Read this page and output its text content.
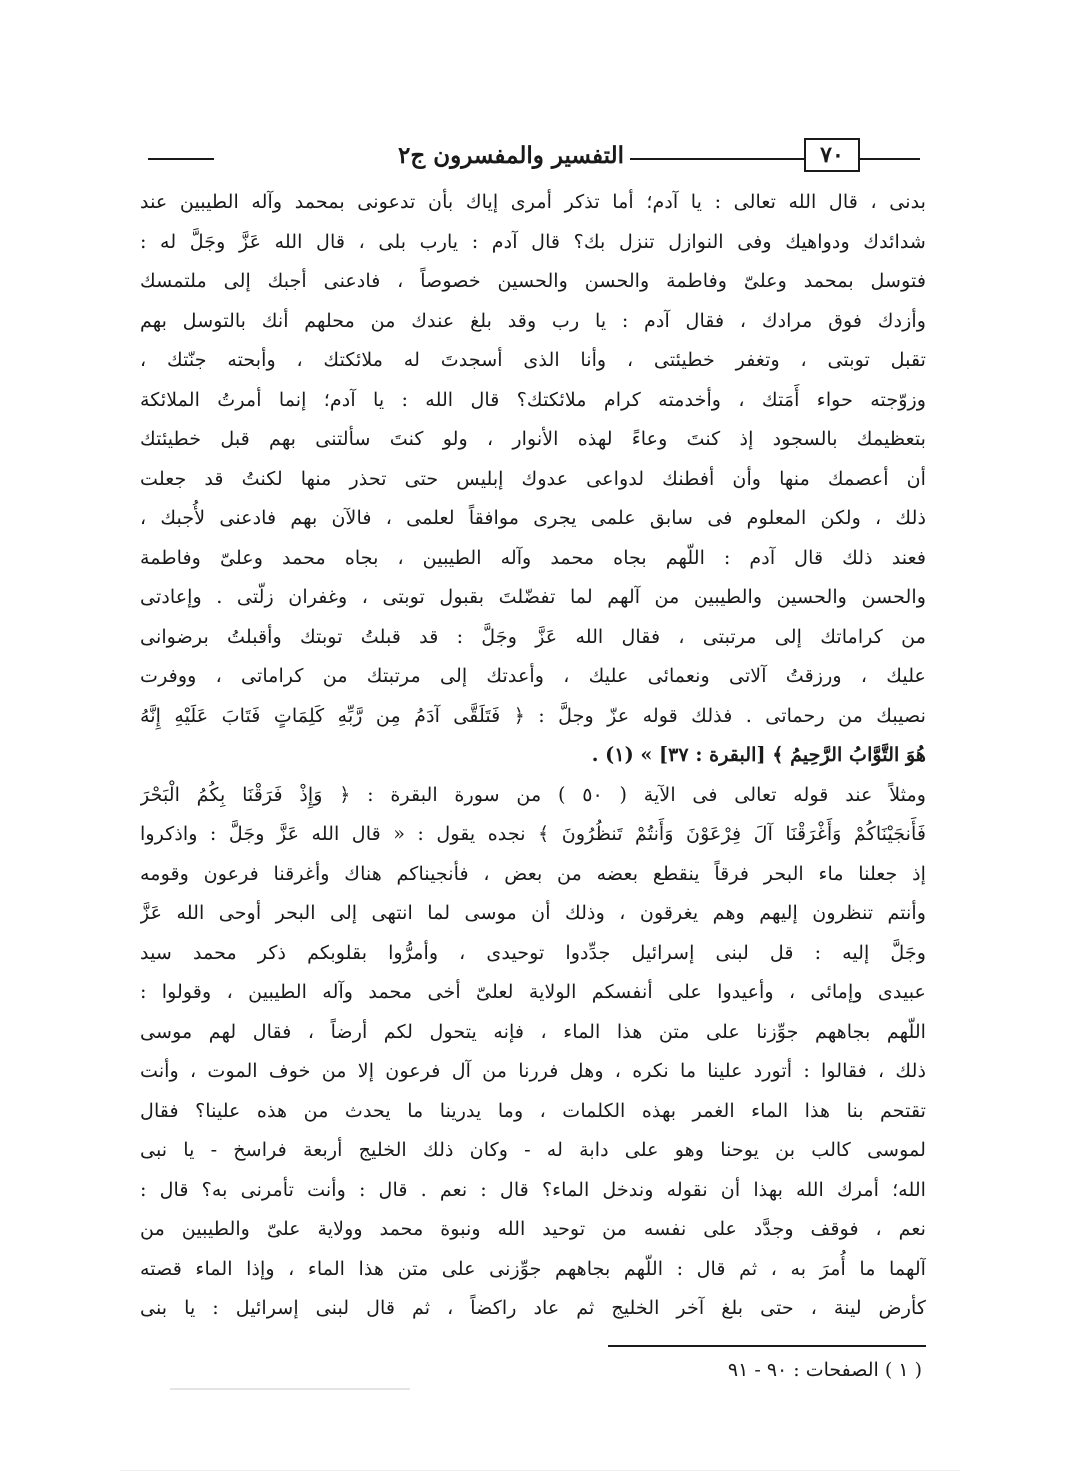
٧٠
التفسير والمفسرون ج٢
بدنى ، قال الله تعالى : يا آدم؛ أما تذكر أمرى إياك بأن تدعونى بمحمد وآله الطيبين عند
شدائدك ودواهيك وفى النوازل تنزل بك؟ قال آدم : يارب بلى ، قال الله عَزَّ وجَلَّ له :
فتوسل بمحمد وعلىّ وفاطمة والحسن والحسين خصوصاً ، فادعنى أجبك إلى ملتمسك
وأزدك فوق مرادك ، فقال آدم : يا رب وقد بلغ عندك من محلهم أنك بالتوسل بهم
تقبل توبتى ، وتغفر خطيئتى ، وأنا الذى أسجدتَ له ملائكتك ، وأبحته جنّتك ،
وزوّجته حواء أَمَتك ، وأخدمته كرام ملائكتك؟ قال الله : يا آدم؛ إنما أمرتُ الملائكة
بتعظيمك بالسجود إذ كنتَ وعاءً لهذه الأنوار ، ولو كنتَ سألتنى بهم قبل خطيئتك
أن أعصمك منها وأن أفطنك لدواعى عدوك إبليس حتى تحذر منها لكنتُ قد جعلت
ذلك ، ولكن المعلوم فى سابق علمى يجرى موافقاً لعلمى ، فالآن بهم فادعنى لأُجبك ،
فعند ذلك قال آدم : اللّهم بجاه محمد وآله الطيبين ، بجاه محمد وعلىّ وفاطمة
والحسن والحسين والطيبين من آلهم لما تفضّلتَ بقبول توبتى ، وغفران زلّتى . وإعادتى
من كراماتك إلى مرتبتى ، فقال الله عَزَّ وجَلَّ : قد قبلتُ توبتك وأقبلتُ برضوانى
عليك ، ورزقتُ آلاتى ونعمائى عليك ، وأعدتك إلى مرتبتك من كراماتى ، ووفرت
نصيبك من رحماتى . فذلك قوله عزّ وجلَّ : ﴿ فَتَلَقَّى آدَمُ مِن رَّبِّهِ كَلِمَاتٍ فَتَابَ عَلَيْهِ إِنَّهُ
هُوَ التَّوَّابُ الرَّحِيمُ ﴾ [البقرة : ٣٧] » (١) .
ومثلاً عند قوله تعالى فى الآية ( ٥٠ ) من سورة البقرة : ﴿ وَإِذْ فَرَقْنَا بِكُمُ الْبَحْرَ
فَأَنجَيْنَاكُمْ وَأَغْرَقْنَا آلَ فِرْعَوْنَ وَأَنتُمْ تَنظُرُونَ ﴾ نجده يقول : « قال الله عَزَّ وجَلَّ : واذكروا
إذ جعلنا ماء البحر فرقاً ينقطع بعضه من بعض ، فأنجيناكم هناك وأغرقنا فرعون وقومه
وأنتم تنظرون إليهم وهم يغرقون ، وذلك أن موسى لما انتهى إلى البحر أوحى الله عَزَّ
وجَلَّ إليه : قل لبنى إسرائيل جدِّدوا توحيدى ، وأمرُّوا بقلوبكم ذكر محمد سيد
عبيدى وإمائى ، وأعيدوا على أنفسكم الولاية لعلىّ أخى محمد وآله الطيبين ، وقولوا :
اللّهم بجاههم جوِّزنا على متن هذا الماء ، فإنه يتحول لكم أرضاً ، فقال لهم موسى
ذلك ، فقالوا : أتورد علينا ما نكره ، وهل فررنا من آل فرعون إلا من خوف الموت ، وأنت
تقتحم بنا هذا الماء الغمر بهذه الكلمات ، وما يدرينا ما يحدث من هذه علينا؟ فقال
لموسى كالب بن يوحنا وهو على دابة له - وكان ذلك الخليج أربعة فراسخ - يا نبى
الله؛ أمرك الله بهذا أن نقوله وندخل الماء؟ قال : نعم . قال : وأنت تأمرنى به؟ قال :
نعم ، فوقف وجدَّد على نفسه من توحيد الله ونبوة محمد وولاية علىّ والطيبين من
آلهما ما أُمرَ به ، ثم قال : اللّهم بجاههم جوِّزنى على متن هذا الماء ، وإذا الماء قصته
كأرض لينة ، حتى بلغ آخر الخليج ثم عاد راكضاً ، ثم قال لبنى إسرائيل : يا بنى
( ١ ) الصفحات : ٩٠ - ٩١
